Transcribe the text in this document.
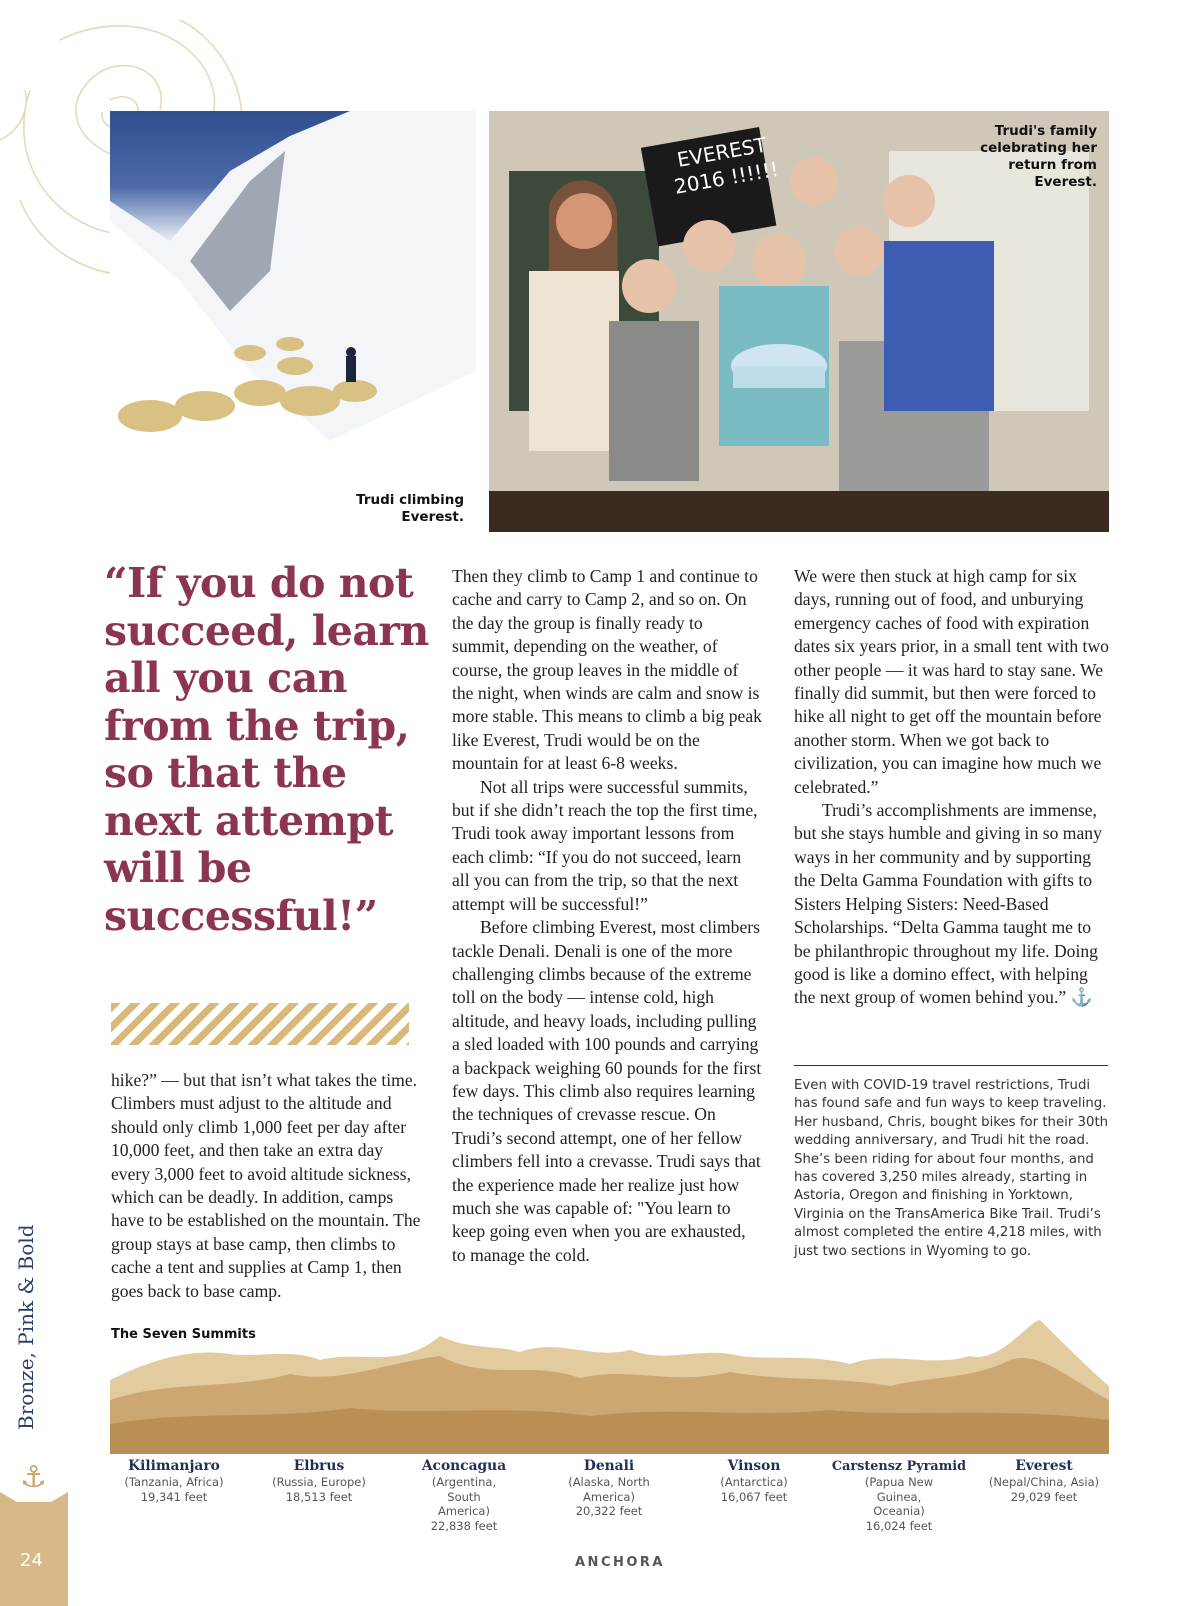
Trudi climbing Everest.
EVEREST 2016 !!!!!!
Trudi's family celebrating her return from Everest.
“If you do not succeed, learn all you can from the trip, so that the next attempt will be successful!”

hike?” — but that isn’t what takes the time. Climbers must adjust to the altitude and should only climb 1,000 feet per day after 10,000 feet, and then take an extra day every 3,000 feet to avoid altitude sickness, which can be deadly. In addition, camps have to be established on the mountain. The group stays at base camp, then climbs to cache a tent and supplies at Camp 1, then goes back to base camp.

Then they climb to Camp 1 and continue to cache and carry to Camp 2, and so on. On the day the group is finally ready to summit, depending on the weather, of course, the group leaves in the middle of the night, when winds are calm and snow is more stable. This means to climb a big peak like Everest, Trudi would be on the mountain for at least 6-8 weeks.

Not all trips were successful summits, but if she didn’t reach the top the first time, Trudi took away important lessons from each climb: “If you do not succeed, learn all you can from the trip, so that the next attempt will be successful!”

Before climbing Everest, most climbers tackle Denali. Denali is one of the more challenging climbs because of the extreme toll on the body — intense cold, high altitude, and heavy loads, including pulling a sled loaded with 100 pounds and carrying a backpack weighing 60 pounds for the first few days. This climb also requires learning the techniques of crevasse rescue. On Trudi’s second attempt, one of her fellow climbers fell into a crevasse. Trudi says that the experience made her realize just how much she was capable of: "You learn to keep going even when you are exhausted, to manage the cold.

We were then stuck at high camp for six days, running out of food, and unburying emergency caches of food with expiration dates six years prior, in a small tent with two other people — it was hard to stay sane. We finally did summit, but then were forced to hike all night to get off the mountain before another storm. When we got back to civilization, you can imagine how much we celebrated.”

Trudi’s accomplishments are immense, but she stays humble and giving in so many ways in her community and by supporting the Delta Gamma Foundation with gifts to Sisters Helping Sisters: Need-Based Scholarships. “Delta Gamma taught me to be philanthropic throughout my life. Doing good is like a domino effect, with helping the next group of women behind you.” ⚓

Even with COVID-19 travel restrictions, Trudi has found safe and fun ways to keep traveling. Her husband, Chris, bought bikes for their 30th wedding anniversary, and Trudi hit the road. She’s been riding for about four months, and has covered 3,250 miles already, starting in Astoria, Oregon and finishing in Yorktown, Virginia on the TransAmerica Bike Trail. Trudi’s almost completed the entire 4,218 miles, with just two sections in Wyoming to go.
The Seven Summits
Kilimanjaro
(Tanzania, Africa)
19,341 feet
Elbrus
(Russia, Europe)
18,513 feet
Aconcagua
(Argentina, South America)
22,838 feet
Denali
(Alaska, North America)
20,322 feet
Vinson
(Antarctica)
16,067 feet
Carstensz Pyramid
(Papua New Guinea, Oceania)
16,024 feet
Everest
(Nepal/China, Asia)
29,029 feet
Bronze, Pink & Bold
⚓
24	ANCHORA
